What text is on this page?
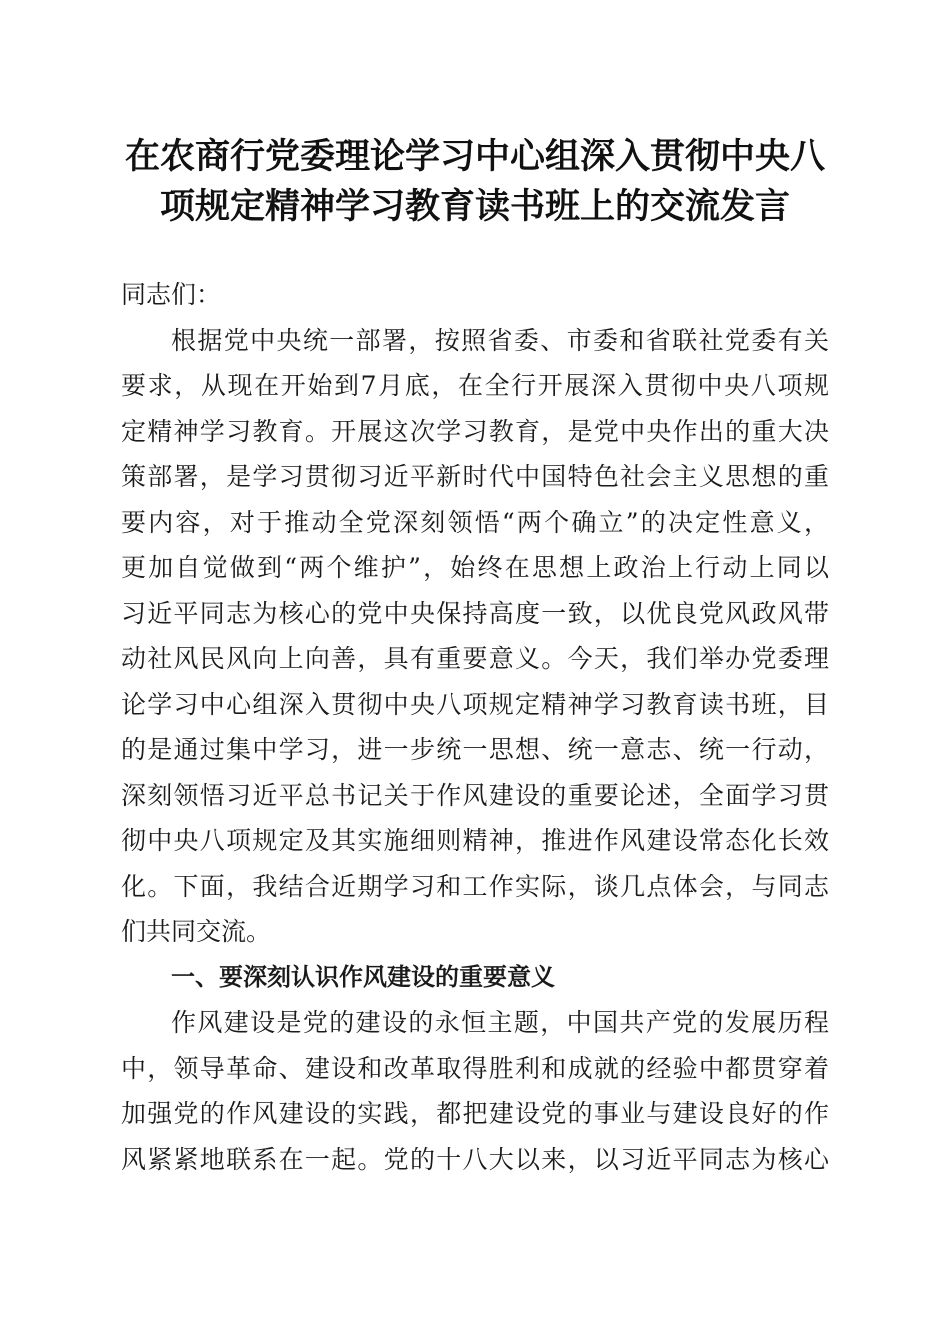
在农商行党委理论学习中心组深入贯彻中央八
项规定精神学习教育读书班上的交流发言
同志们：
根据党中央统一部署，按照省委、市委和省联社党委有关
要求，从现在开始到7月底，在全行开展深入贯彻中央八项规
定精神学习教育。开展这次学习教育，是党中央作出的重大决
策部署，是学习贯彻习近平新时代中国特色社会主义思想的重
要内容，对于推动全党深刻领悟“两个确立”的决定性意义，
更加自觉做到“两个维护”，始终在思想上政治上行动上同以
习近平同志为核心的党中央保持高度一致，以优良党风政风带
动社风民风向上向善，具有重要意义。今天，我们举办党委理
论学习中心组深入贯彻中央八项规定精神学习教育读书班，目
的是通过集中学习，进一步统一思想、统一意志、统一行动，
深刻领悟习近平总书记关于作风建设的重要论述，全面学习贯
彻中央八项规定及其实施细则精神，推进作风建设常态化长效
化。下面，我结合近期学习和工作实际，谈几点体会，与同志
们共同交流。
一、要深刻认识作风建设的重要意义
作风建设是党的建设的永恒主题，中国共产党的发展历程
中，领导革命、建设和改革取得胜利和成就的经验中都贯穿着
加强党的作风建设的实践，都把建设党的事业与建设良好的作
风紧紧地联系在一起。党的十八大以来，以习近平同志为核心
